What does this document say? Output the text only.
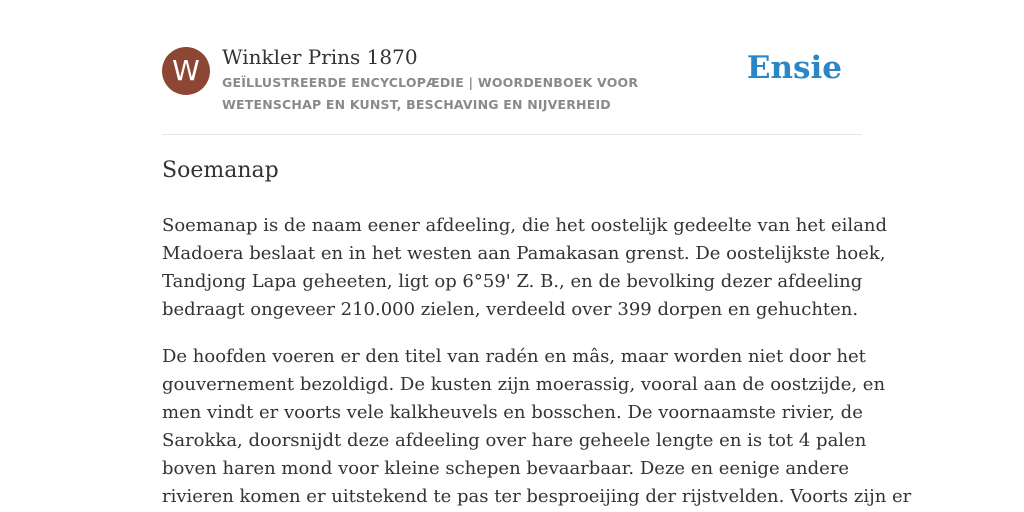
W	Winkler Prins 1870
GEÏLLUSTREERDE ENCYCLOPÆDIE | WOORDENBOEK VOOR WETENSCHAP EN KUNST, BESCHAVING EN NIJVERHEID
Ensie
Soemanap

Soemanap is de naam eener afdeeling, die het oostelijk gedeelte van het eiland
Madoera beslaat en in het westen aan Pamakasan grenst. De oostelijkste hoek,
Tandjong Lapa geheeten, ligt op 6°59' Z. B., en de bevolking dezer afdeeling
bedraagt ongeveer 210.000 zielen, verdeeld over 399 dorpen en gehuchten.

De hoofden voeren er den titel van radén en mâs, maar worden niet door het
gouvernement bezoldigd. De kusten zijn moerassig, vooral aan de oostzijde, en
men vindt er voorts vele kalkheuvels en bosschen. De voornaamste rivier, de
Sarokka, doorsnijdt deze afdeeling over hare geheele lengte en is tot 4 palen
boven haren mond voor kleine schepen bevaarbaar. Deze en eenige andere
rivieren komen er uitstekend te pas ter besproeijing der rijstvelden. Voorts zijn er
